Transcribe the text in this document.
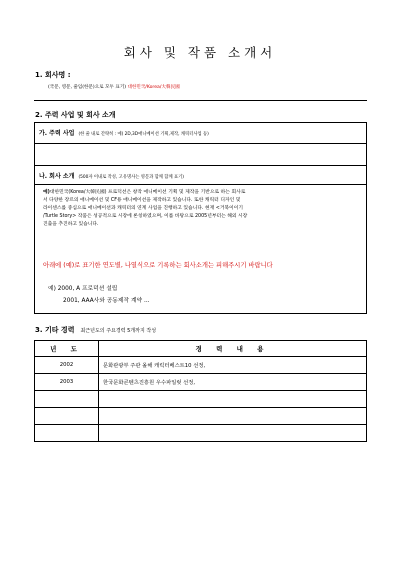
회사 및 작품 소개서
1. 회사명 :
(국문, 영문, 줄임(한문)으로 모두 표기) 대한민국/Korea/大韓民國
2. 주력 사업 및 회사 소개
가. 주력 사업 (한 줄 내로 간략히 : 예) 2D,3D애니메이션 기획,제작, 캐릭터사업 등)
나. 회사 소개 (500자 이내로 작성, 고유명사는 영문과 함께 함께 표기)
예)대한민국(Korea/大韓民國) 프로덕션은 창작 애니메이션 기획 및 제작을 기반으로 하는 회사로
서 다양한 장르의 애니메이션 및 CF용 애니메이션을 제작하고 있습니다. 또한 캐릭터 디자인 및
라이센스를 중심으로 애니메이션과 캐릭터의 연계 사업을 진행하고 있습니다. 현재 <거북이이기
/Turtle Story> 작품은 성공적으로 시장에 론칭하였으며, 이를 바탕으로 2005년부터는 해외 시장
진출을 추진하고 있습니다.
아래에 (예)로 표기한 연도별, 나열식으로 기록하는 회사소개는 피해주시기 바랍니다
예) 2000, A 프로덕션 설립
2001, AAA사와 공동제작 계약 ...
3. 기타 경력 최근년도의 주요경력 5개까지 작성
년 도	경 력 내 용
2002	문화관광부 주관 올해 캐릭터베스트10 선정,
2003	한국문화콘텐츠진흥원 우수파일럿 선정,
